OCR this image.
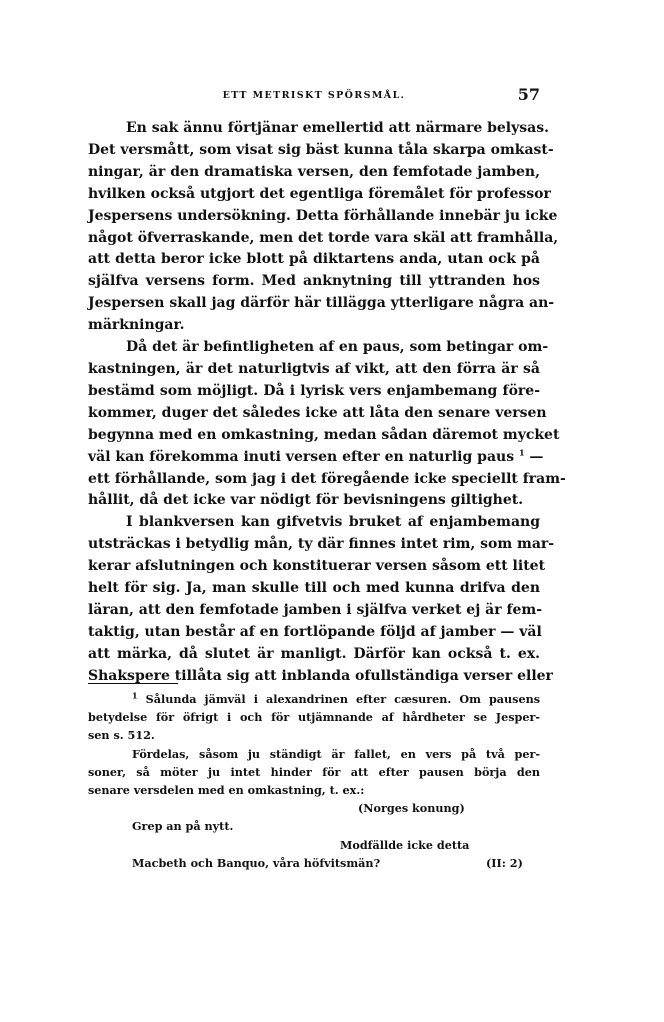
ETT METRISKT SPÖRSMÅL.	57
En sak ännu förtjänar emellertid att närmare belysas.
Det versmått, som visat sig bäst kunna tåla skarpa omkast-
ningar, är den dramatiska versen, den femfotade jamben,
hvilken också utgjort det egentliga föremålet för professor
Jespersens undersökning. Detta förhållande innebär ju icke
något öfverraskande, men det torde vara skäl att framhålla,
att detta beror icke blott på diktartens anda, utan ock på
själfva versens form. Med anknytning till yttranden hos
Jespersen skall jag därför här tillägga ytterligare några an-
märkningar.
Då det är befintligheten af en paus, som betingar om-
kastningen, är det naturligtvis af vikt, att den förra är så
bestämd som möjligt. Då i lyrisk vers enjambemang före-
kommer, duger det således icke att låta den senare versen
begynna med en omkastning, medan sådan däremot mycket
väl kan förekomma inuti versen efter en naturlig paus $^1$ —
ett förhållande, som jag i det föregående icke speciellt fram-
hållit, då det icke var nödigt för bevisningens giltighet.
I blankversen kan gifvetvis bruket af enjambemang
utsträckas i betydlig mån, ty där finnes intet rim, som mar-
kerar afslutningen och konstituerar versen såsom ett litet
helt för sig. Ja, man skulle till och med kunna drifva den
läran, att den femfotade jamben i själfva verket ej är fem-
taktig, utan består af en fortlöpande följd af jamber — väl
att märka, då slutet är manligt. Därför kan också t. ex.
Shakspere tillåta sig att inblanda ofullständiga verser eller
$^1$ Sålunda jämväl i alexandrinen efter cæsuren. Om pausens
betydelse för öfrigt i och för utjämnande af hårdheter se Jesper-
sen s. 512.
Fördelas, såsom ju ständigt är fallet, en vers på två per-
soner, så möter ju intet hinder för att efter pausen börja den
senare versdelen med en omkastning, t. ex.:
(Norges konung)
Grep an på nytt.
Modfällde icke detta
Macbeth och Banquo, våra höfvitsmän?	(II: 2)
